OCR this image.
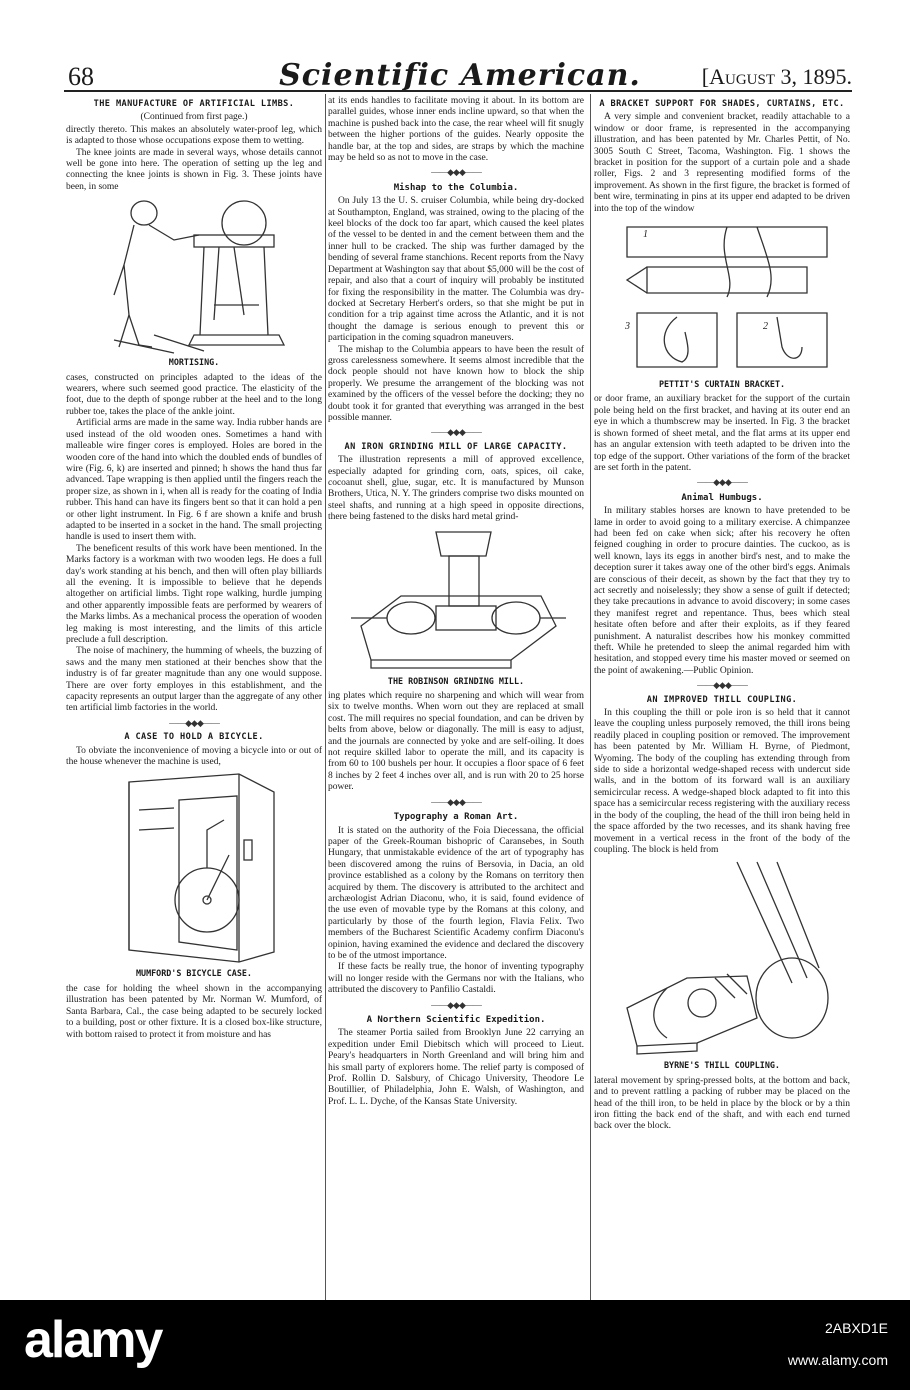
68	Scientific American.	[August 3, 1895.
THE MANUFACTURE OF ARTIFICIAL LIMBS.
(Continued from first page.)

directly thereto. This makes an absolutely water-proof leg, which is adapted to those whose occupations expose them to wetting.

The knee joints are made in several ways, whose details cannot well be gone into here. The operation of setting up the leg and connecting the knee joints is shown in Fig. 3. These joints have been, in some

MORTISING.

cases, constructed on principles adapted to the ideas of the wearers, where such seemed good practice. The elasticity of the foot, due to the depth of sponge rubber at the heel and to the long rubber toe, takes the place of the ankle joint.

Artificial arms are made in the same way. India rubber hands are used instead of the old wooden ones. Sometimes a hand with malleable wire finger cores is employed. Holes are bored in the wooden core of the hand into which the doubled ends of bundles of wire (Fig. 6, k) are inserted and pinned; h shows the hand thus far advanced. Tape wrapping is then applied until the fingers reach the proper size, as shown in i, when all is ready for the coating of India rubber. This hand can have its fingers bent so that it can hold a pen or other light instrument. In Fig. 6 f are shown a knife and brush adapted to be inserted in a socket in the hand. The small projecting handle is used to insert them with.

The beneficent results of this work have been mentioned. In the Marks factory is a workman with two wooden legs. He does a full day's work standing at his bench, and then will often play billiards all the evening. It is impossible to believe that he depends altogether on artificial limbs. Tight rope walking, hurdle jumping and other apparently impossible feats are performed by wearers of the Marks limbs. As a mechanical process the operation of wooden leg making is most interesting, and the limits of this article preclude a full description.

The noise of machinery, the humming of wheels, the buzzing of saws and the many men stationed at their benches show that the industry is of far greater magnitude than any one would suppose. There are over forty employes in this establishment, and the capacity represents an output larger than the aggregate of any other ten artificial limb factories in the world.

——◆◆◆——
A CASE TO HOLD A BICYCLE.

To obviate the inconvenience of moving a bicycle into or out of the house whenever the machine is used,

MUMFORD'S BICYCLE CASE.

the case for holding the wheel shown in the accompanying illustration has been patented by Mr. Norman W. Mumford, of Santa Barbara, Cal., the case being adapted to be securely locked to a building, post or other fixture. It is a closed box-like structure, with bottom raised to protect it from moisture and has

at its ends handles to facilitate moving it about. In its bottom are parallel guides, whose inner ends incline upward, so that when the machine is pushed back into the case, the rear wheel will fit snugly between the higher portions of the guides. Nearly opposite the handle bar, at the top and sides, are straps by which the machine may be held so as not to move in the case.

——◆◆◆——
Mishap to the Columbia.

On July 13 the U. S. cruiser Columbia, while being dry-docked at Southampton, England, was strained, owing to the placing of the keel blocks of the dock too far apart, which caused the keel plates of the vessel to be dented in and the cement between them and the inner hull to be cracked. The ship was further damaged by the bending of several frame stanchions. Recent reports from the Navy Department at Washington say that about $5,000 will be the cost of repair, and also that a court of inquiry will probably be instituted for fixing the responsibility in the matter. The Columbia was dry-docked at Secretary Herbert's orders, so that she might be put in condition for a trip against time across the Atlantic, and it is not thought the damage is serious enough to prevent this or participation in the coming squadron maneuvers.

The mishap to the Columbia appears to have been the result of gross carelessness somewhere. It seems almost incredible that the dock people should not have known how to block the ship properly. We presume the arrangement of the blocking was not examined by the officers of the vessel before the docking; they no doubt took it for granted that everything was arranged in the best possible manner.

——◆◆◆——
AN IRON GRINDING MILL OF LARGE CAPACITY.

The illustration represents a mill of approved excellence, especially adapted for grinding corn, oats, spices, oil cake, cocoanut shell, glue, sugar, etc. It is manufactured by Munson Brothers, Utica, N. Y. The grinders comprise two disks mounted on steel shafts, and running at a high speed in opposite directions, there being fastened to the disks hard metal grind-

THE ROBINSON GRINDING MILL.

ing plates which require no sharpening and which will wear from six to twelve months. When worn out they are replaced at small cost. The mill requires no special foundation, and can be driven by belts from above, below or diagonally. The mill is easy to adjust, and the journals are connected by yoke and are self-oiling. It does not require skilled labor to operate the mill, and its capacity is from 60 to 100 bushels per hour. It occupies a floor space of 6 feet 8 inches by 2 feet 4 inches over all, and is run with 20 to 25 horse power.

——◆◆◆——
Typography a Roman Art.

It is stated on the authority of the Foia Diecessana, the official paper of the Greek-Rouman bishopric of Caransebes, in South Hungary, that unmistakable evidence of the art of typography has been discovered among the ruins of Bersovia, in Dacia, an old province established as a colony by the Romans on territory then acquired by them. The discovery is attributed to the architect and archæologist Adrian Diaconu, who, it is said, found evidence of the use even of movable type by the Romans at this colony, and particularly by those of the fourth legion, Flavia Felix. Two members of the Bucharest Scientific Academy confirm Diaconu's opinion, having examined the evidence and declared the discovery to be of the utmost importance.

If these facts be really true, the honor of inventing typography will no longer reside with the Germans nor with the Italians, who attributed the discovery to Panfilio Castaldi.

——◆◆◆——
A Northern Scientific Expedition.

The steamer Portia sailed from Brooklyn June 22 carrying an expedition under Emil Diebitsch which will proceed to Lieut. Peary's headquarters in North Greenland and will bring him and his small party of explorers home. The relief party is composed of Prof. Rollin D. Salsbury, of Chicago University, Theodore Le Boutillier, of Philadelphia, John E. Walsh, of Washington, and Prof. L. L. Dyche, of the Kansas State University.

A BRACKET SUPPORT FOR SHADES, CURTAINS, ETC.

A very simple and convenient bracket, readily attachable to a window or door frame, is represented in the accompanying illustration, and has been patented by Mr. Charles Pettit, of No. 3005 South C Street, Tacoma, Washington. Fig. 1 shows the bracket in position for the support of a curtain pole and a shade roller, Figs. 2 and 3 representing modified forms of the improvement. As shown in the first figure, the bracket is formed of bent wire, terminating in pins at its upper end adapted to be driven into the top of the window

1
2
3
PETTIT'S CURTAIN BRACKET.

or door frame, an auxiliary bracket for the support of the curtain pole being held on the first bracket, and having at its outer end an eye in which a thumbscrew may be inserted. In Fig. 3 the bracket is shown formed of sheet metal, and the flat arms at its upper end has an angular extension with teeth adapted to be driven into the top edge of the support. Other variations of the form of the bracket are set forth in the patent.

——◆◆◆——
Animal Humbugs.

In military stables horses are known to have pretended to be lame in order to avoid going to a military exercise. A chimpanzee had been fed on cake when sick; after his recovery he often feigned coughing in order to procure dainties. The cuckoo, as is well known, lays its eggs in another bird's nest, and to make the deception surer it takes away one of the other bird's eggs. Animals are conscious of their deceit, as shown by the fact that they try to act secretly and noiselessly; they show a sense of guilt if detected; they take precautions in advance to avoid discovery; in some cases they manifest regret and repentance. Thus, bees which steal hesitate often before and after their exploits, as if they feared punishment. A naturalist describes how his monkey committed theft. While he pretended to sleep the animal regarded him with hesitation, and stopped every time his master moved or seemed on the point of awakening.—Public Opinion.

——◆◆◆——
AN IMPROVED THILL COUPLING.

In this coupling the thill or pole iron is so held that it cannot leave the coupling unless purposely removed, the thill irons being readily placed in coupling position or removed. The improvement has been patented by Mr. William H. Byrne, of Piedmont, Wyoming. The body of the coupling has extending through from side to side a horizontal wedge-shaped recess with undercut side walls, and in the bottom of its forward wall is an auxiliary semicircular recess. A wedge-shaped block adapted to fit into this space has a semicircular recess registering with the auxiliary recess in the body of the coupling, the head of the thill iron being held in the space afforded by the two recesses, and its shank having free movement in a vertical recess in the front of the body of the coupling. The block is held from

BYRNE'S THILL COUPLING.

lateral movement by spring-pressed bolts, at the bottom and back, and to prevent rattling a packing of rubber may be placed on the head of the thill iron, to be held in place by the block or by a thin iron fitting the back end of the shaft, and with each end turned back over the block.

alamy	2ABXD1E
www.alamy.com
